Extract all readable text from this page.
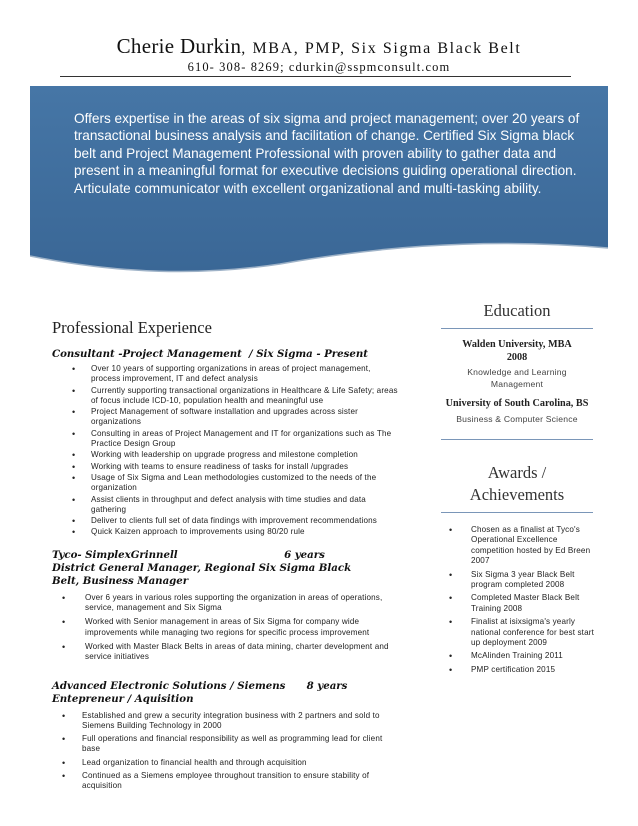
Cherie Durkin, MBA, PMP, Six Sigma Black Belt
610- 308- 8269; cdurkin@sspmconsult.com
Offers expertise in the areas of six sigma and project management; over 20 years of transactional business analysis and facilitation of change. Certified Six Sigma black belt and Project Management Professional with proven ability to gather data and present in a meaningful format for executive decisions guiding operational direction. Articulate communicator with excellent organizational and multi-tasking ability.
Professional Experience
Consultant -Project Management  / Six Sigma - Present
• Over 10 years of supporting organizations in areas of project management, process improvement, IT and defect analysis
• Currently supporting transactional organizations in Healthcare & Life Safety; areas of focus include ICD-10, population health and meaningful use
• Project Management of software installation and upgrades across sister organizations
• Consulting in areas of Project Management and IT for organizations such as The Practice Design Group
• Working with leadership on upgrade progress and milestone completion
• Working with teams to ensure readiness of tasks for install /upgrades
• Usage of Six Sigma and Lean methodologies customized to the needs of the organization
• Assist clients in throughput and defect analysis with time studies and data gathering
• Deliver to clients full set of data findings with improvement recommendations
• Quick Kaizen approach to improvements using 80/20 rule
Tyco- SimplexGrinnell                              6 years
District General Manager, Regional Six Sigma Black
Belt, Business Manager
• Over 6 years in various roles supporting the organization in areas of operations, service, management and Six Sigma
• Worked with Senior management in areas of Six Sigma for company wide improvements while managing two regions for specific process improvement
• Worked with Master Black Belts in areas of data mining, charter development and service initiatives
Advanced Electronic Solutions / Siemens      8 years
Entepreneur / Aquisition
• Established and grew a security integration business with 2 partners and sold to Siemens Building Technology in 2000
• Full operations and financial responsibility as well as programming lead for client base
• Lead organization to financial health and through acquisition
• Continued as a Siemens employee throughout transition to ensure stability of acquisition
Education
Walden University, MBA 2008
Knowledge and Learning Management
University of South Carolina, BS
Business & Computer Science
Awards / Achievements
• Chosen as a finalist at Tyco's Operational Excellence competition hosted by Ed Breen 2007
• Six Sigma 3 year Black Belt program completed 2008
• Completed Master Black Belt Training 2008
• Finalist at isixsigma's yearly national conference for best start up deployment 2009
• McAlinden Training 2011
• PMP certification 2015
